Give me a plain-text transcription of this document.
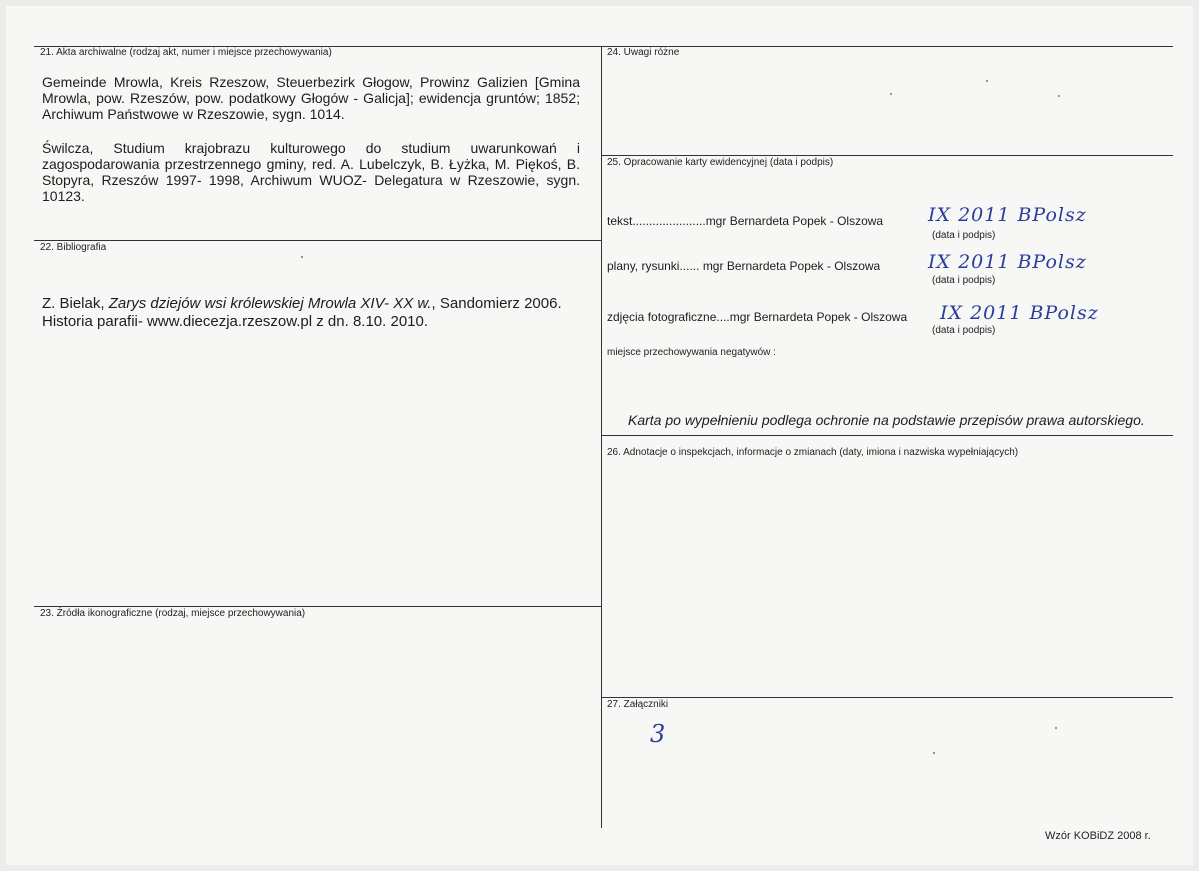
21. Akta archiwalne (rodzaj akt, numer i miejsce przechowywania)
Gemeinde Mrowla, Kreis Rzeszow, Steuerbezirk Głogow, Prowinz Galizien [Gmina Mrowla, pow. Rzeszów, pow. podatkowy Głogów - Galicja]; ewidencja gruntów; 1852; Archiwum Państwowe w Rzeszowie, sygn. 1014.
Świlcza, Studium krajobrazu kulturowego do studium uwarunkowań i zagospodarowania przestrzennego gminy, red. A. Lubelczyk, B. Łyżka, M. Piękoś, B. Stopyra, Rzeszów 1997- 1998, Archiwum WUOZ- Delegatura w Rzeszowie, sygn. 10123.
22. Bibliografia
Z. Bielak, Zarys dziejów wsi królewskiej Mrowla XIV- XX w., Sandomierz 2006.
Historia parafii- www.diecezja.rzeszow.pl z dn. 8.10. 2010.
23. Źródła ikonograficzne (rodzaj, miejsce przechowywania)
24. Uwagi różne
25. Opracowanie karty ewidencyjnej (data i podpis)
tekst......................mgr Bernardeta Popek - Olszowa IX 2011 BPolsz
(data i podpis)
plany, rysunki...... mgr Bernardeta Popek - Olszowa	IX 2011 BPolsz
(data i podpis)
zdjęcia fotograficzne....mgr Bernardeta Popek - Olszowa IX 2011 BPolsz
(data i podpis)
miejsce przechowywania negatywów :
Karta po wypełnieniu podlega ochronie na podstawie przepisów prawa autorskiego.
26. Adnotacje o inspekcjach, informacje o zmianach (daty, imiona i nazwiska wypełniających)
27. Załączniki
3
Wzór KOBiDZ 2008 r.
